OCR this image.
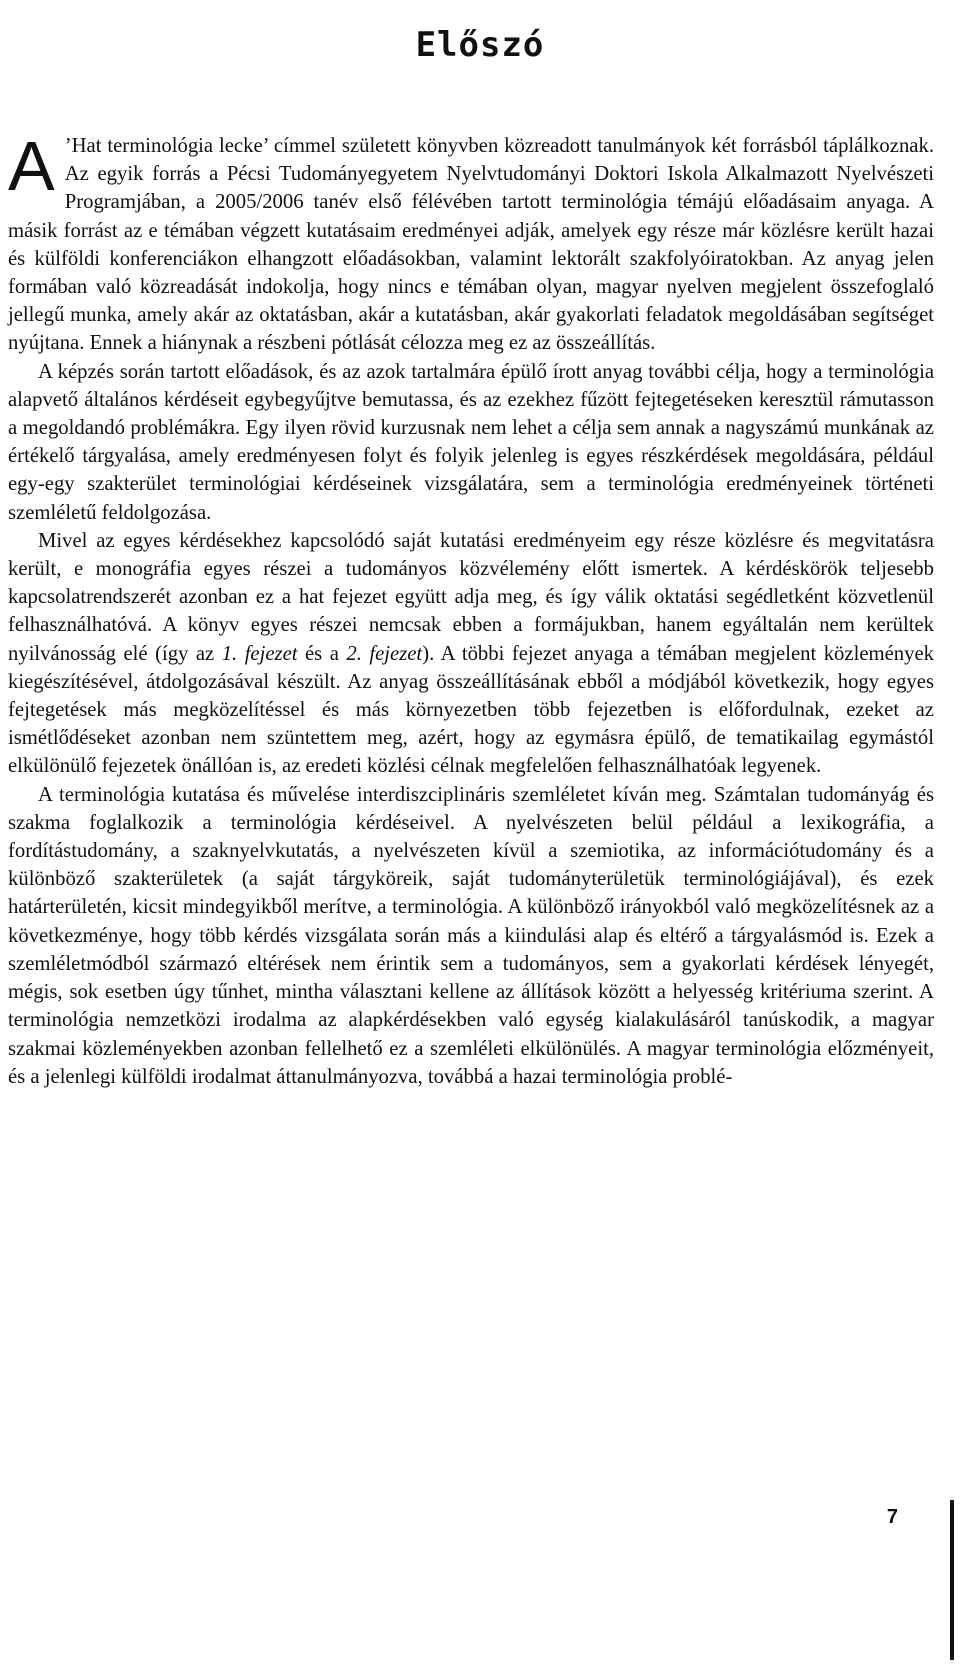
Előszó

A ’Hat terminológia lecke’ címmel született könyvben közreadott tanulmányok két forrásból táplálkoznak. Az egyik forrás a Pécsi Tudományegyetem Nyelvtudományi Doktori Iskola Alkalmazott Nyelvészeti Programjában, a 2005/2006 tanév első félévében tartott terminológia témájú előadásaim anyaga. A másik forrást az e témában végzett kutatásaim eredményei adják, amelyek egy része már közlésre került hazai és külföldi konferenciákon elhangzott előadásokban, valamint lektorált szakfolyóiratokban. Az anyag jelen formában való közreadását indokolja, hogy nincs e témában olyan, magyar nyelven megjelent összefoglaló jellegű munka, amely akár az oktatásban, akár a kutatásban, akár gyakorlati feladatok megoldásában segítséget nyújtana. Ennek a hiánynak a részbeni pótlását célozza meg ez az összeállítás.

A képzés során tartott előadások, és az azok tartalmára épülő írott anyag további célja, hogy a terminológia alapvető általános kérdéseit egybegyűjtve bemutassa, és az ezekhez fűzött fejtegetéseken keresztül rámutasson a megoldandó problémákra. Egy ilyen rövid kurzusnak nem lehet a célja sem annak a nagyszámú munkának az értékelő tárgyalása, amely eredményesen folyt és folyik jelenleg is egyes részkérdések megoldására, például egy-egy szakterület terminológiai kérdéseinek vizsgálatára, sem a terminológia eredményeinek történeti szemléletű feldolgozása.

Mivel az egyes kérdésekhez kapcsolódó saját kutatási eredményeim egy része közlésre és megvitatásra került, e monográfia egyes részei a tudományos közvélemény előtt ismertek. A kérdéskörök teljesebb kapcsolatrendszerét azonban ez a hat fejezet együtt adja meg, és így válik oktatási segédletként közvetlenül felhasználhatóvá. A könyv egyes részei nemcsak ebben a formájukban, hanem egyáltalán nem kerültek nyilvánosság elé (így az 1. fejezet és a 2. fejezet). A többi fejezet anyaga a témában megjelent közlemények kiegészítésével, átdolgozásával készült. Az anyag összeállításának ebből a módjából következik, hogy egyes fejtegetések más megközelítéssel és más környezetben több fejezetben is előfordulnak, ezeket az ismétlődéseket azonban nem szüntettem meg, azért, hogy az egymásra épülő, de tematikailag egymástól elkülönülő fejezetek önállóan is, az eredeti közlési célnak megfelelően felhasználhatóak legyenek.

A terminológia kutatása és művelése interdiszciplináris szemléletet kíván meg. Számtalan tudományág és szakma foglalkozik a terminológia kérdéseivel. A nyelvészeten belül például a lexikográfia, a fordítástudomány, a szaknyelvkutatás, a nyelvészeten kívül a szemiotika, az információtudomány és a különböző szakterületek (a saját tárgyköreik, saját tudományterületük terminológiájával), és ezek határterületén, kicsit mindegyikből merítve, a terminológia. A különböző irányokból való megközelítésnek az a következménye, hogy több kérdés vizsgálata során más a kiindulási alap és eltérő a tárgyalásmód is. Ezek a szemléletmódból származó eltérések nem érintik sem a tudományos, sem a gyakorlati kérdések lényegét, mégis, sok esetben úgy tűnhet, mintha választani kellene az állítások között a helyesség kritériuma szerint. A terminológia nemzetközi irodalma az alapkérdésekben való egység kialakulásáról tanúskodik, a magyar szakmai közleményekben azonban fellelhető ez a szemléleti elkülönülés. A magyar terminológia előzményeit, és a jelenlegi külföldi irodalmat áttanulmányozva, továbbá a hazai terminológia problé-

7
